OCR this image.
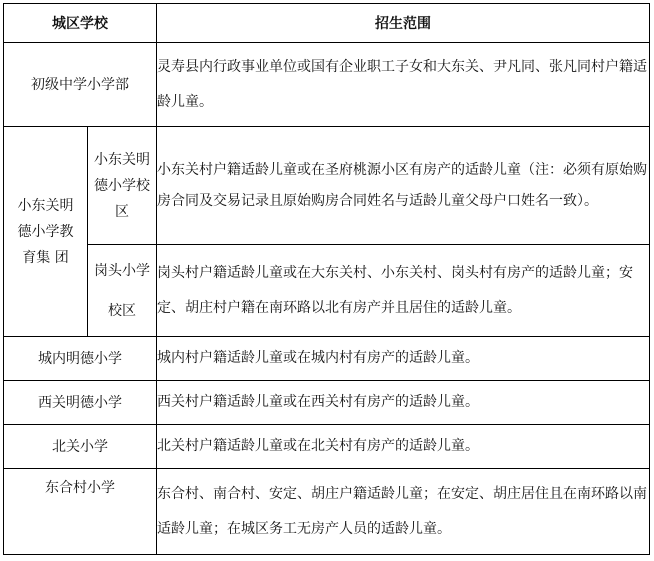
城区学校		招生范围
初级中学小学部		灵寿县内行政事业单位或国有企业职工子女和大东关、尹凡同、张凡同村户籍适龄儿童。
小东关明德小学教育集 团	小东关明德小学校区	小东关村户籍适龄儿童或在圣府桃源小区有房产的适龄儿童（注：必须有原始购房合同及交易记录且原始购房合同姓名与适龄儿童父母户口姓名一致）。
	岗头小学校区	岗头村户籍适龄儿童或在大东关村、小东关村、岗头村有房产的适龄儿童；安定、胡庄村户籍在南环路以北有房产并且居住的适龄儿童。
城内明德小学		城内村户籍适龄儿童或在城内村有房产的适龄儿童。
西关明德小学		西关村户籍适龄儿童或在西关村有房产的适龄儿童。
北关小学		北关村户籍适龄儿童或在北关村有房产的适龄儿童。
东合村小学		东合村、南合村、安定、胡庄户籍适龄儿童；在安定、胡庄居住且在南环路以南适龄儿童；在城区务工无房产人员的适龄儿童。
